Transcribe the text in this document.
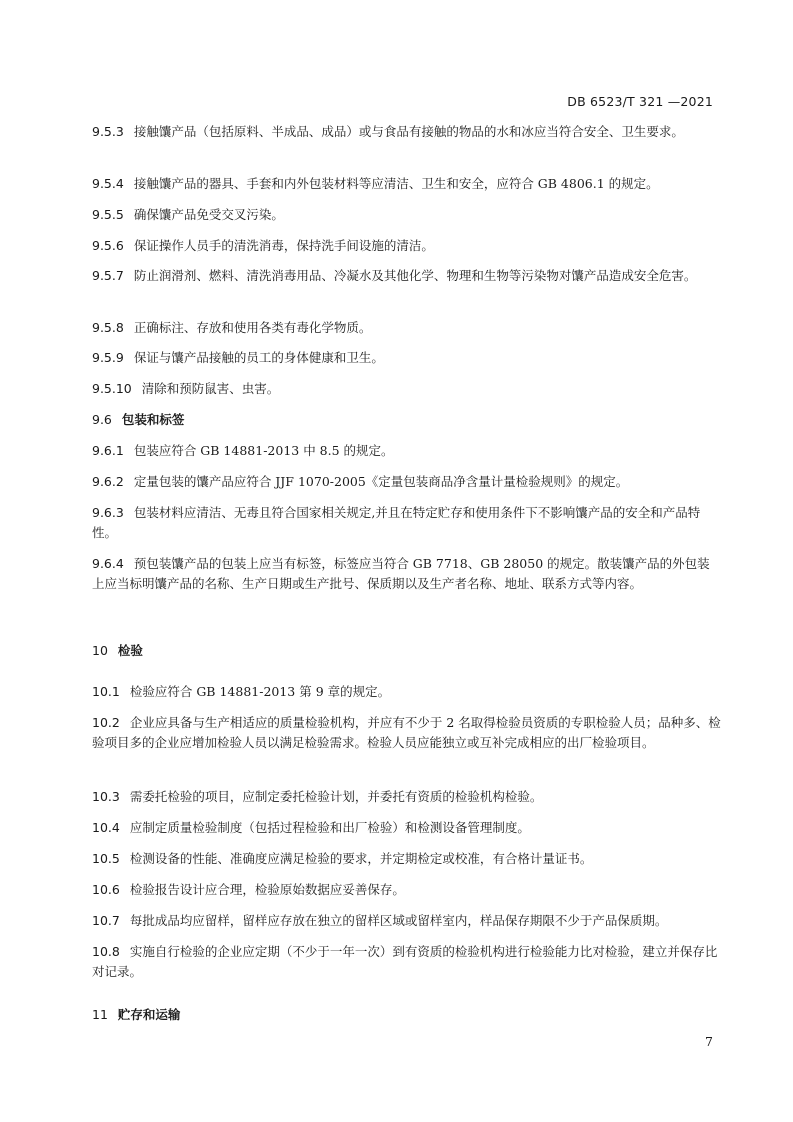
DB 6523/T 321 —2021
9.5.3 接触馕产品（包括原料、半成品、成品）或与食品有接触的物品的水和冰应当符合安全、卫生要求。
9.5.4 接触馕产品的器具、手套和内外包装材料等应清洁、卫生和安全，应符合 GB 4806.1 的规定。
9.5.5 确保馕产品免受交叉污染。
9.5.6 保证操作人员手的清洗消毒，保持洗手间设施的清洁。
9.5.7 防止润滑剂、燃料、清洗消毒用品、冷凝水及其他化学、物理和生物等污染物对馕产品造成安全危害。
9.5.8 正确标注、存放和使用各类有毒化学物质。
9.5.9 保证与馕产品接触的员工的身体健康和卫生。
9.5.10 清除和预防鼠害、虫害。
9.6 包装和标签
9.6.1 包装应符合 GB 14881-2013 中 8.5 的规定。
9.6.2 定量包装的馕产品应符合 JJF 1070-2005《定量包装商品净含量计量检验规则》的规定。
9.6.3 包装材料应清洁、无毒且符合国家相关规定,并且在特定贮存和使用条件下不影响馕产品的安全和产品特性。
9.6.4 预包装馕产品的包装上应当有标签，标签应当符合 GB 7718、GB 28050 的规定。散装馕产品的外包装上应当标明馕产品的名称、生产日期或生产批号、保质期以及生产者名称、地址、联系方式等内容。
10 检验
10.1 检验应符合 GB 14881-2013 第 9 章的规定。
10.2 企业应具备与生产相适应的质量检验机构，并应有不少于 2 名取得检验员资质的专职检验人员；品种多、检验项目多的企业应增加检验人员以满足检验需求。检验人员应能独立或互补完成相应的出厂检验项目。
10.3 需委托检验的项目，应制定委托检验计划，并委托有资质的检验机构检验。
10.4 应制定质量检验制度（包括过程检验和出厂检验）和检测设备管理制度。
10.5 检测设备的性能、准确度应满足检验的要求，并定期检定或校准，有合格计量证书。
10.6 检验报告设计应合理，检验原始数据应妥善保存。
10.7 每批成品均应留样，留样应存放在独立的留样区域或留样室内，样品保存期限不少于产品保质期。
10.8 实施自行检验的企业应定期（不少于一年一次）到有资质的检验机构进行检验能力比对检验，建立并保存比对记录。
11 贮存和运输
7
